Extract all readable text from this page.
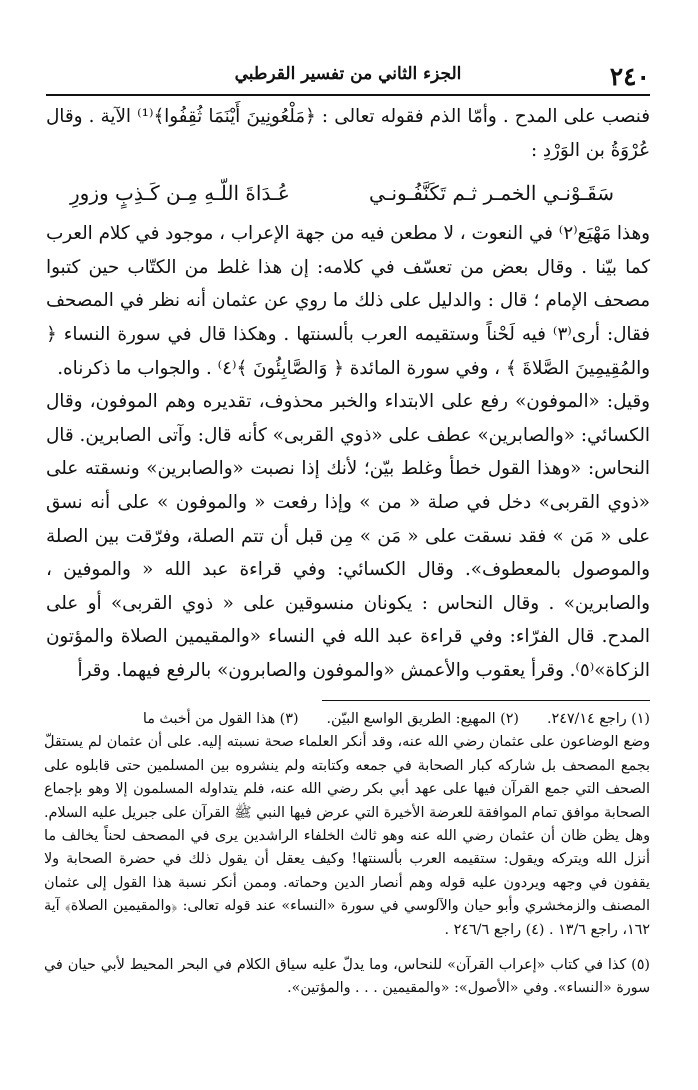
٢٤٠
الجزء الثاني من تفسير القرطبي

فنصب على المدح . وأمّا الذم فقوله تعالى : ﴿مَلْعُونِينَ أَيْنَمَا ثُقِفُوا﴾⁽¹⁾ الآية . وقال عُرْوَةُ بن الوَرْدِ :

سَقَـوْنـي الخمـر ثـم تَكَنَّفُـونـي
عُـدَاةَ اللّـهِ مِـن كَـذِبٍ وزورِ

وهذا مَهْيَع⁽٢⁾ في النعوت ، لا مطعن فيه من جهة الإعراب ، موجود في كلام العرب كما بيّنا . وقال بعض من تعسّف في كلامه: إن هذا غلط من الكتّاب حين كتبوا مصحف الإمام ؛ قال : والدليل على ذلك ما روي عن عثمان أنه نظر في المصحف فقال: أرى⁽٣⁾ فيه لَحْناً وستقيمه العرب بألسنتها . وهكذا قال في سورة النساء ﴿ والمُقِيمِينَ الصَّلاةَ ﴾ ، وفي سورة المائدة ﴿ وَالصَّابِئُونَ ﴾⁽٤⁾ . والجواب ما ذكرناه.

وقيل: «الموفون» رفع على الابتداء والخبر محذوف، تقديره وهم الموفون، وقال الكسائي: «والصابرين» عطف على «ذوي القربى» كأنه قال: وآتى الصابرين. قال النحاس: «وهذا القول خطأ وغلط بيّن؛ لأنك إذا نصبت «والصابرين» ونسقته على «ذوي القربى» دخل في صلة « من » وإذا رفعت « والموفون » على أنه نسق على « مَن » فقد نسقت على « مَن » مِن قبل أن تتم الصلة، وفرّقت بين الصلة والموصول بالمعطوف». وقال الكسائي: وفي قراءة عبد الله « والموفين ، والصابرين» . وقال النحاس : يكونان منسوقين على « ذوي القربى» أو على المدح. قال الفرّاء: وفي قراءة عبد الله في النساء «والمقيمين الصلاة والمؤتون الزكاة»⁽٥⁾. وقرأ يعقوب والأعمش «والموفون والصابرون» بالرفع فيهما. وقرأ

(١) راجع ٢٤٧/١٤.
(٢) المهيع: الطريق الواسع البيّن.
(٣) هذا القول من أخبث ما

وضع الوضاعون على عثمان رضي الله عنه، وقد أنكر العلماء صحة نسبته إليه. على أن عثمان لم يستقلّ بجمع المصحف بل شاركه كبار الصحابة في جمعه وكتابته ولم ينشروه بين المسلمين حتى قابلوه على الصحف التي جمع القرآن فيها على عهد أبي بكر رضي الله عنه، فلم يتداوله المسلمون إلا وهو بإجماع الصحابة موافق تمام الموافقة للعرضة الأخيرة التي عرض فيها النبي ﷺ القرآن على جبريل عليه السلام. وهل يظن ظان أن عثمان رضي الله عنه وهو ثالث الخلفاء الراشدين يرى في المصحف لحناً يخالف ما أنزل الله ويتركه ويقول: ستقيمه العرب بألسنتها! وكيف يعقل أن يقول ذلك في حضرة الصحابة ولا يقفون في وجهه ويردون عليه قوله وهم أنصار الدين وحماته. وممن أنكر نسبة هذا القول إلى عثمان المصنف والزمخشري وأبو حيان والآلوسي في سورة «النساء» عند قوله تعالى: ﴿والمقيمين الصلاة﴾ آية ١٦٢، راجع ١٣/٦ . (٤) راجع ٢٤٦/٦ .

(٥) كذا في كتاب «إعراب القرآن» للنحاس، وما يدلّ عليه سياق الكلام في البحر المحيط لأبي حيان في سورة «النساء». وفي «الأصول»: «والمقيمين . . . والمؤتين».
